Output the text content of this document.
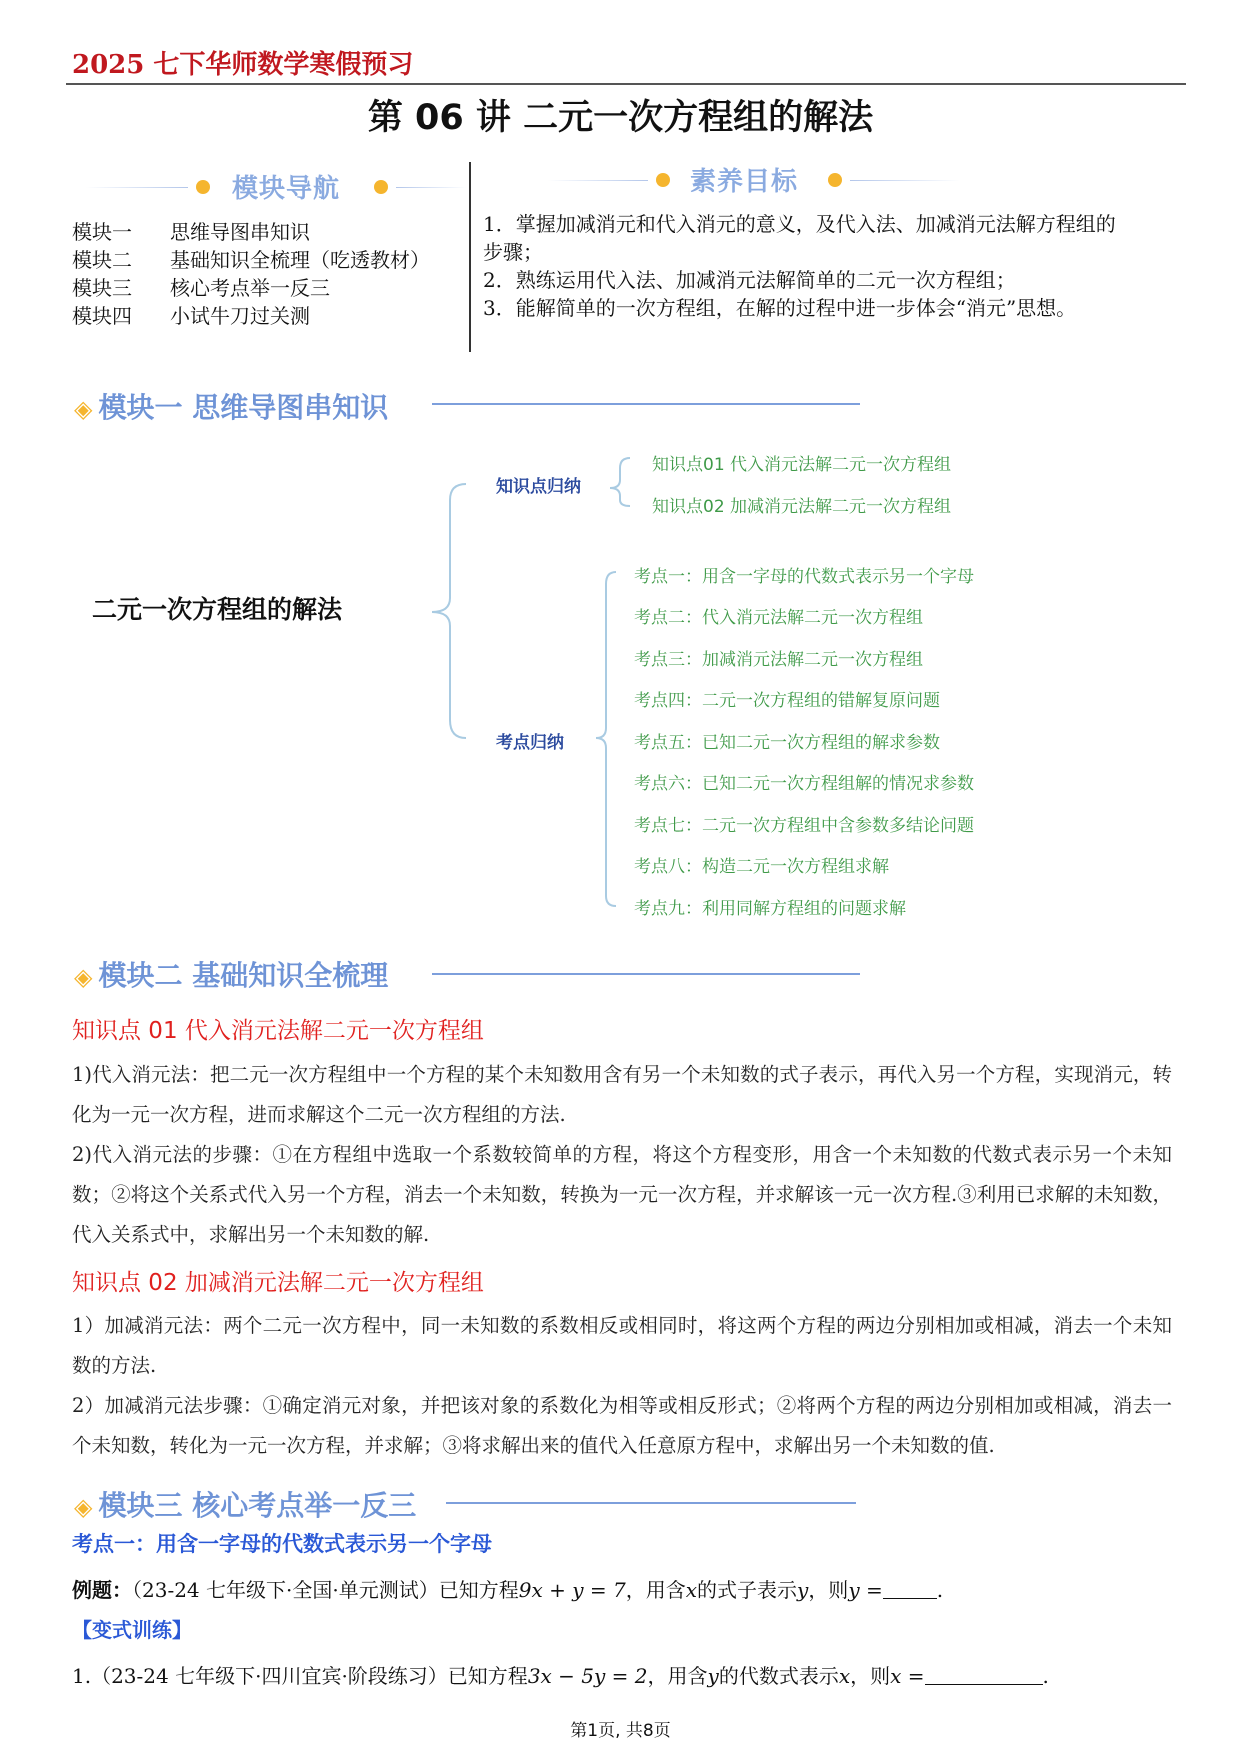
2025 七下华师数学寒假预习
第 06 讲 二元一次方程组的解法
模块导航
模块一 思维导图串知识
模块二 基础知识全梳理（吃透教材）
模块三 核心考点举一反三
模块四 小试牛刀过关测
素养目标
1．掌握加减消元和代入消元的意义，及代入法、加减消元法解方程组的步骤；
2．熟练运用代入法、加减消元法解简单的二元一次方程组；
3．能解简单的一次方程组，在解的过程中进一步体会“消元”思想。
◈ 模块一 思维导图串知识
二元一次方程组的解法
知识点归纳
考点归纳
知识点01 代入消元法解二元一次方程组
知识点02 加减消元法解二元一次方程组
考点一：用含一字母的代数式表示另一个字母
考点二：代入消元法解二元一次方程组
考点三：加减消元法解二元一次方程组
考点四：二元一次方程组的错解复原问题
考点五：已知二元一次方程组的解求参数
考点六：已知二元一次方程组解的情况求参数
考点七：二元一次方程组中含参数多结论问题
考点八：构造二元一次方程组求解
考点九：利用同解方程组的问题求解
◈ 模块二 基础知识全梳理
知识点 01 代入消元法解二元一次方程组
1)代入消元法：把二元一次方程组中一个方程的某个未知数用含有另一个未知数的式子表示，再代入另一个方程，实现消元，转化为一元一次方程，进而求解这个二元一次方程组的方法.
2)代入消元法的步骤：①在方程组中选取一个系数较简单的方程，将这个方程变形，用含一个未知数的代数式表示另一个未知数；②将这个关系式代入另一个方程，消去一个未知数，转换为一元一次方程，并求解该一元一次方程.③利用已求解的未知数，代入关系式中，求解出另一个未知数的解.
知识点 02 加减消元法解二元一次方程组
1）加减消元法：两个二元一次方程中，同一未知数的系数相反或相同时，将这两个方程的两边分别相加或相减，消去一个未知数的方法.
2）加减消元法步骤：①确定消元对象，并把该对象的系数化为相等或相反形式；②将两个方程的两边分别相加或相减，消去一个未知数，转化为一元一次方程，并求解；③将求解出来的值代入任意原方程中，求解出另一个未知数的值.
◈ 模块三 核心考点举一反三
考点一：用含一字母的代数式表示另一个字母
例题：（23-24 七年级下·全国·单元测试）已知方程9x + y = 7，用含x的式子表示y，则y =	.
【变式训练】
1.（23-24 七年级下·四川宜宾·阶段练习）已知方程3x − 5y = 2，用含y的代数式表示x，则x =	.
第1页, 共8页
